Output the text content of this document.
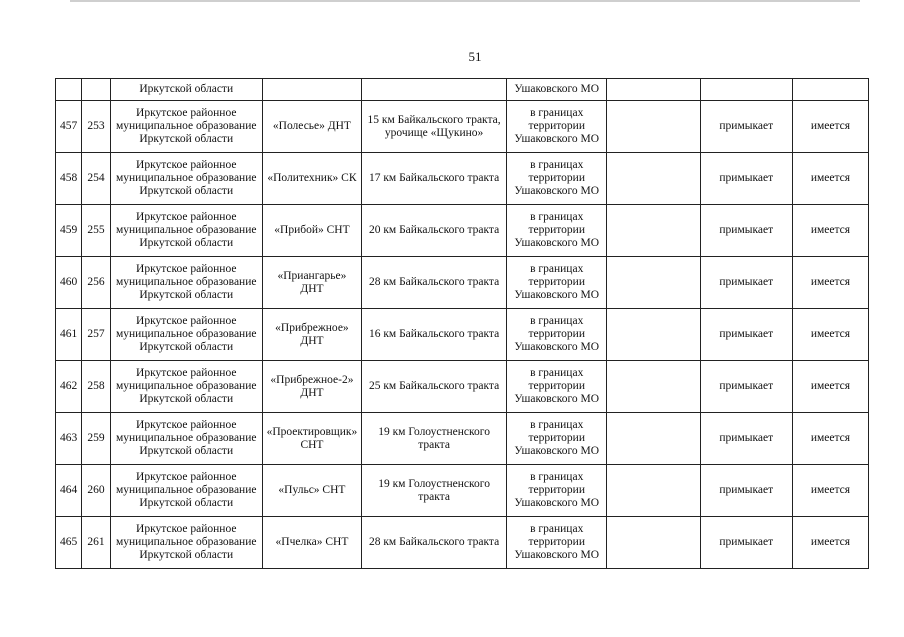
51
		Иркутской области			Ушаковского МО			
457	253	Иркутское районное муниципальное образование Иркутской области	«Полесье» ДНТ	15 км Байкальского тракта, урочище «Щукино»	в границах территории Ушаковского МО		примыкает	имеется
458	254	Иркутское районное муниципальное образование Иркутской области	«Политехник» СК	17 км Байкальского тракта	в границах территории Ушаковского МО		примыкает	имеется
459	255	Иркутское районное муниципальное образование Иркутской области	«Прибой» СНТ	20 км Байкальского тракта	в границах территории Ушаковского МО		примыкает	имеется
460	256	Иркутское районное муниципальное образование Иркутской области	«Приангарье» ДНТ	28 км Байкальского тракта	в границах территории Ушаковского МО		примыкает	имеется
461	257	Иркутское районное муниципальное образование Иркутской области	«Прибрежное» ДНТ	16 км Байкальского тракта	в границах территории Ушаковского МО		примыкает	имеется
462	258	Иркутское районное муниципальное образование Иркутской области	«Прибрежное-2» ДНТ	25 км Байкальского тракта	в границах территории Ушаковского МО		примыкает	имеется
463	259	Иркутское районное муниципальное образование Иркутской области	«Проектировщик» СНТ	19 км Голоустненского тракта	в границах территории Ушаковского МО		примыкает	имеется
464	260	Иркутское районное муниципальное образование Иркутской области	«Пульс» СНТ	19 км Голоустненского тракта	в границах территории Ушаковского МО		примыкает	имеется
465	261	Иркутское районное муниципальное образование Иркутской области	«Пчелка» СНТ	28 км Байкальского тракта	в границах территории Ушаковского МО		примыкает	имеется
